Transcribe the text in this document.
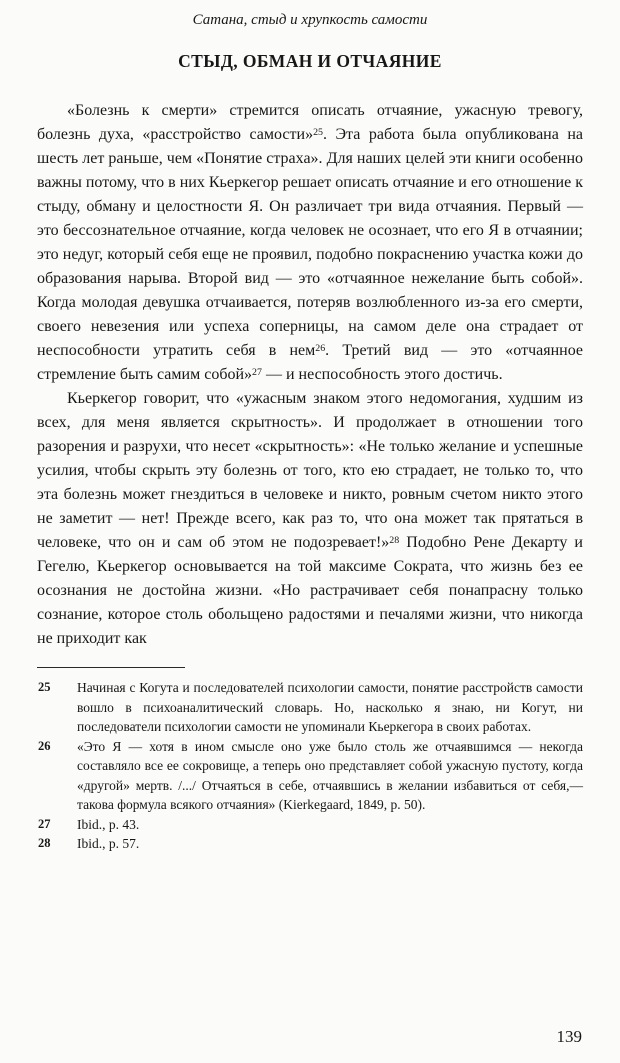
Сатана, стыд и хрупкость самости
СТЫД, ОБМАН И ОТЧАЯНИЕ

«Болезнь к смерти» стремится описать отчаяние, ужасную тревогу, болезнь духа, «расстройство самости»$^{25}$. Эта работа была опубликована на шесть лет раньше, чем «Понятие страха». Для наших целей эти книги особенно важны потому, что в них Кьеркегор решает описать отчаяние и его отношение к стыду, обману и целостности Я. Он различает три вида отчаяния. Первый — это бессознательное отчаяние, когда человек не осознает, что его Я в отчаянии; это недуг, который себя еще не проявил, подобно покраснению участка кожи до образования нарыва. Второй вид — это «отчаянное нежелание быть собой». Когда молодая девушка отчаивается, потеряв возлюбленного из-за его смерти, своего невезения или успеха соперницы, на самом деле она страдает от неспособности утратить себя в нем$^{26}$. Третий вид — это «отчаянное стремление быть самим собой»$^{27}$ — и неспособность этого достичь.

Кьеркегор говорит, что «ужасным знаком этого недомогания, худшим из всех, для меня является скрытность». И продолжает в отношении того разорения и разрухи, что несет «скрытность»: «Не только желание и успешные усилия, чтобы скрыть эту болезнь от того, кто ею страдает, не только то, что эта болезнь может гнездиться в человеке и никто, ровным счетом никто этого не заметит — нет! Прежде всего, как раз то, что она может так прятаться в человеке, что он и сам об этом не подозревает!»$^{28}$ Подобно Рене Декарту и Гегелю, Кьеркегор основывается на той максиме Сократа, что жизнь без ее осознания не достойна жизни. «Но растрачивает себя понапрасну только сознание, которое столь обольщено радостями и печалями жизни, что никогда не приходит как

25 Начиная с Когута и последователей психологии самости, понятие расстройств самости вошло в психоаналитический словарь. Но, насколько я знаю, ни Когут, ни последователи психологии самости не упоминали Кьеркегора в своих работах.
26 «Это Я — хотя в ином смысле оно уже было столь же отчаявшимся — некогда составляло все ее сокровище, а теперь оно представляет собой ужасную пустоту, когда «другой» мертв. /.../ Отчаяться в себе, отчаявшись в желании избавиться от себя,— такова формула всякого отчаяния» (Kierkegaard, 1849, p. 50).
27 Ibid., p. 43.
28 Ibid., p. 57.
139
